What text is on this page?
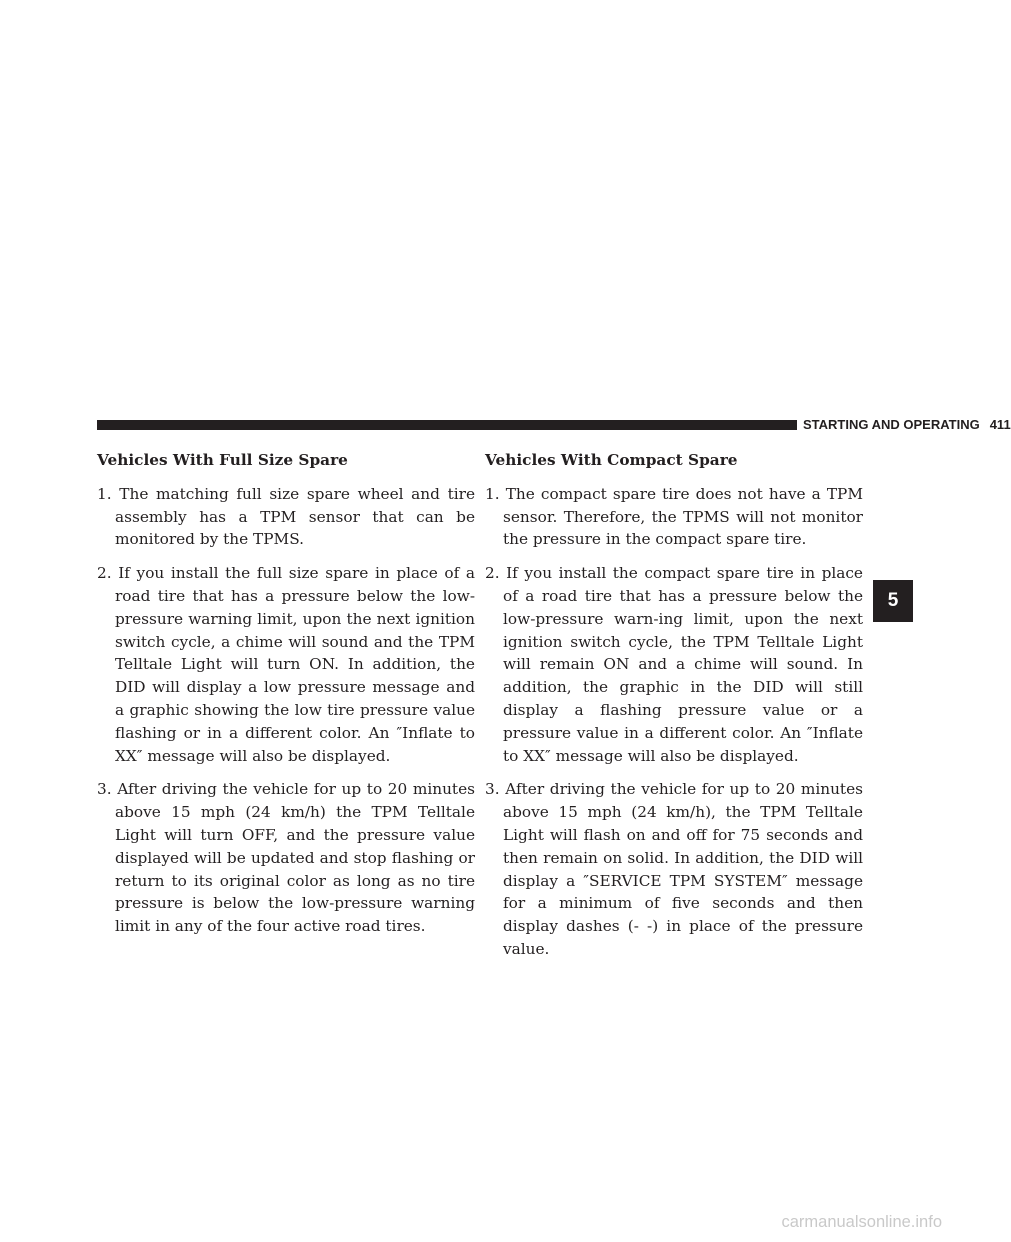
STARTING AND OPERATING 411
Vehicles With Full Size Spare
1. The matching full size spare wheel and tire assembly has a TPM sensor that can be monitored by the TPMS.
2. If you install the full size spare in place of a road tire that has a pressure below the low-pressure warning limit, upon the next ignition switch cycle, a chime will sound and the TPM Telltale Light will turn ON. In addition, the DID will display a low pressure message and a graphic showing the low tire pressure value flashing or in a different color. An ″Inflate to XX″ message will also be displayed.
3. After driving the vehicle for up to 20 minutes above 15 mph (24 km/h) the TPM Telltale Light will turn OFF, and the pressure value displayed will be updated and stop flashing or return to its original color as long as no tire pressure is below the low-pressure warning limit in any of the four active road tires.
Vehicles With Compact Spare
1. The compact spare tire does not have a TPM sensor. Therefore, the TPMS will not monitor the pressure in the compact spare tire.
2. If you install the compact spare tire in place of a road tire that has a pressure below the low-pressure warn-ing limit, upon the next ignition switch cycle, the TPM Telltale Light will remain ON and a chime will sound. In addition, the graphic in the DID will still display a flashing pressure value or a pressure value in a different color. An ″Inflate to XX″ message will also be displayed.
3. After driving the vehicle for up to 20 minutes above 15 mph (24 km/h), the TPM Telltale Light will flash on and off for 75 seconds and then remain on solid. In addition, the DID will display a ″SERVICE TPM SYSTEM″ message for a minimum of five seconds and then display dashes (- -) in place of the pressure value.
5
carmanualsonline.info
